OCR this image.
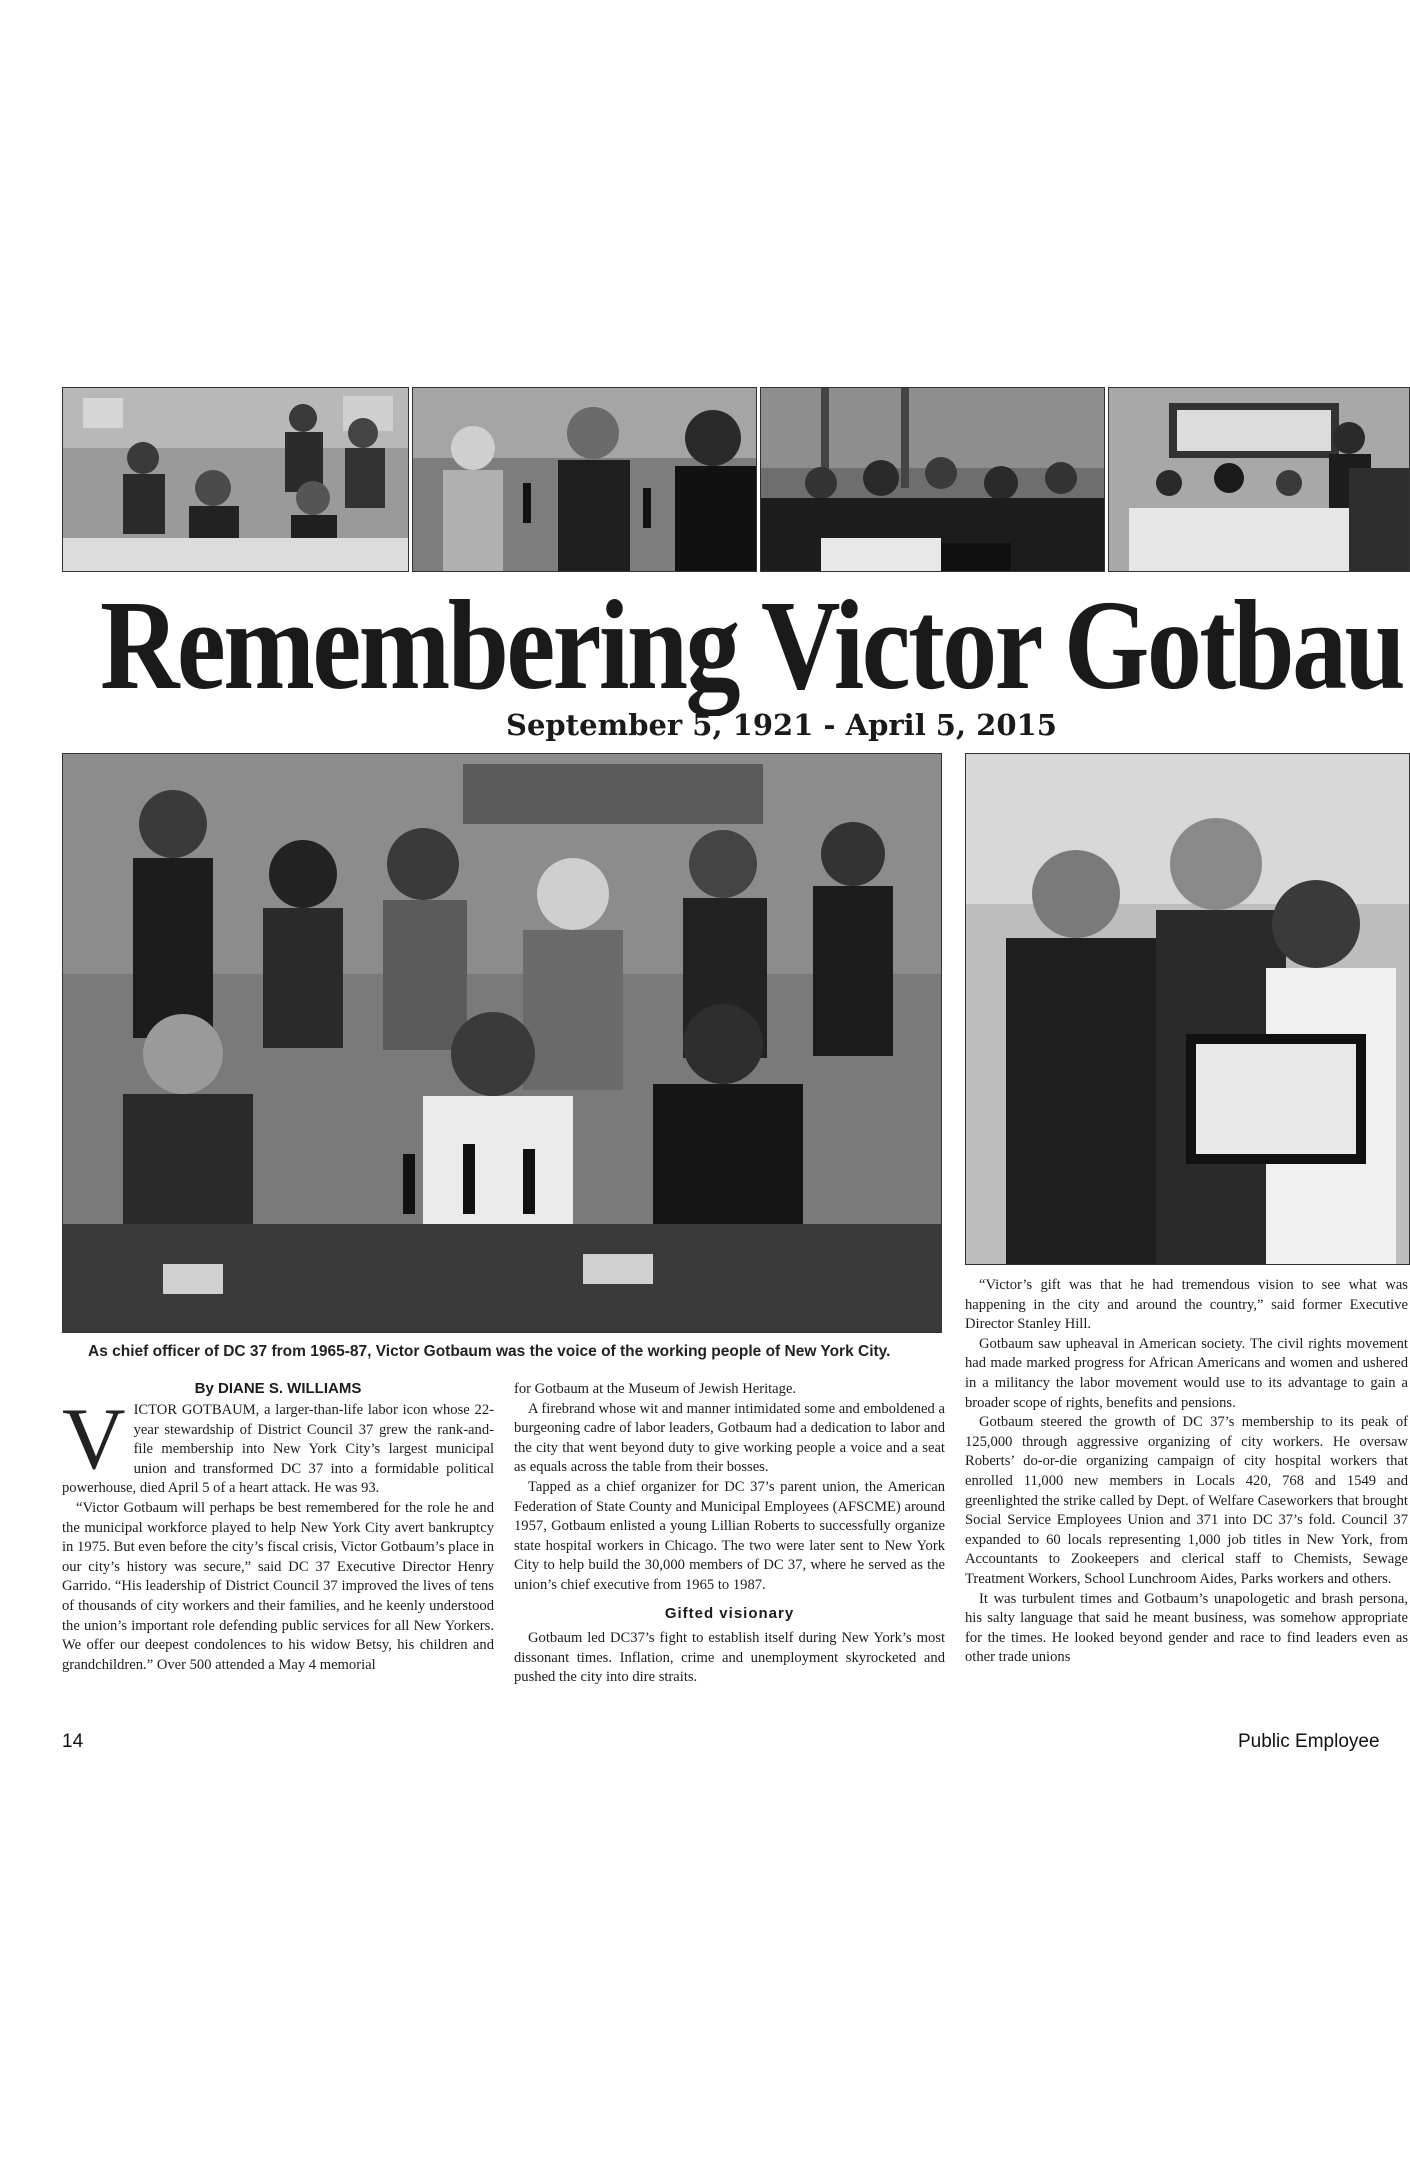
Remembering Victor Gotbau
September 5, 1921 - April 5, 2015
As chief officer of DC 37 from 1965-87, Victor Gotbaum was the voice of the working people of New York City.
By DIANE S. WILLIAMS
V ICTOR GOTBAUM, a larger-than-life labor icon whose 22-year stewardship of District Council 37 grew the rank-and-file membership into New York City’s largest municipal union and transformed DC 37 into a formidable political powerhouse, died April 5 of a heart attack. He was 93.

“Victor Gotbaum will perhaps be best remembered for the role he and the municipal workforce played to help New York City avert bankruptcy in 1975. But even before the city’s fiscal crisis, Victor Gotbaum’s place in our city’s history was secure,” said DC 37 Executive Director Henry Garrido. “His leadership of District Council 37 improved the lives of tens of thousands of city workers and their families, and he keenly understood the union’s important role defending public services for all New Yorkers. We offer our deepest condolences to his widow Betsy, his children and grandchildren.” Over 500 attended a May 4 memorial

for Gotbaum at the Museum of Jewish Heritage.

A firebrand whose wit and manner intimidated some and emboldened a burgeoning cadre of labor leaders, Gotbaum had a dedication to labor and the city that went beyond duty to give working people a voice and a seat as equals across the table from their bosses.

Tapped as a chief organizer for DC 37’s parent union, the American Federation of State County and Municipal Employees (AFSCME) around 1957, Gotbaum enlisted a young Lillian Roberts to successfully organize state hospital workers in Chicago. The two were later sent to New York City to help build the 30,000 members of DC 37, where he served as the union’s chief executive from 1965 to 1987.

Gifted visionary

Gotbaum led DC37’s fight to establish itself during New York’s most dissonant times. Inflation, crime and unemployment skyrocketed and pushed the city into dire straits.

“Victor’s gift was that he had tremendous vision to see what was happening in the city and around the country,” said former Executive Director Stanley Hill.

Gotbaum saw upheaval in American society. The civil rights movement had made marked progress for African Americans and women and ushered in a militancy the labor movement would use to its advantage to gain a broader scope of rights, benefits and pensions.

Gotbaum steered the growth of DC 37’s membership to its peak of 125,000 through aggressive organizing of city workers. He oversaw Roberts’ do-or-die organizing campaign of city hospital workers that enrolled 11,000 new members in Locals 420, 768 and 1549 and greenlighted the strike called by Dept. of Welfare Caseworkers that brought Social Service Employees Union and 371 into DC 37’s fold. Council 37 expanded to 60 locals representing 1,000 job titles in New York, from Accountants to Zookeepers and clerical staff to Chemists, Sewage Treatment Workers, School Lunchroom Aides, Parks workers and others.

It was turbulent times and Gotbaum’s unapologetic and brash persona, his salty language that said he meant business, was somehow appropriate for the times. He looked beyond gender and race to find leaders even as other trade unions

14	Public Employee
